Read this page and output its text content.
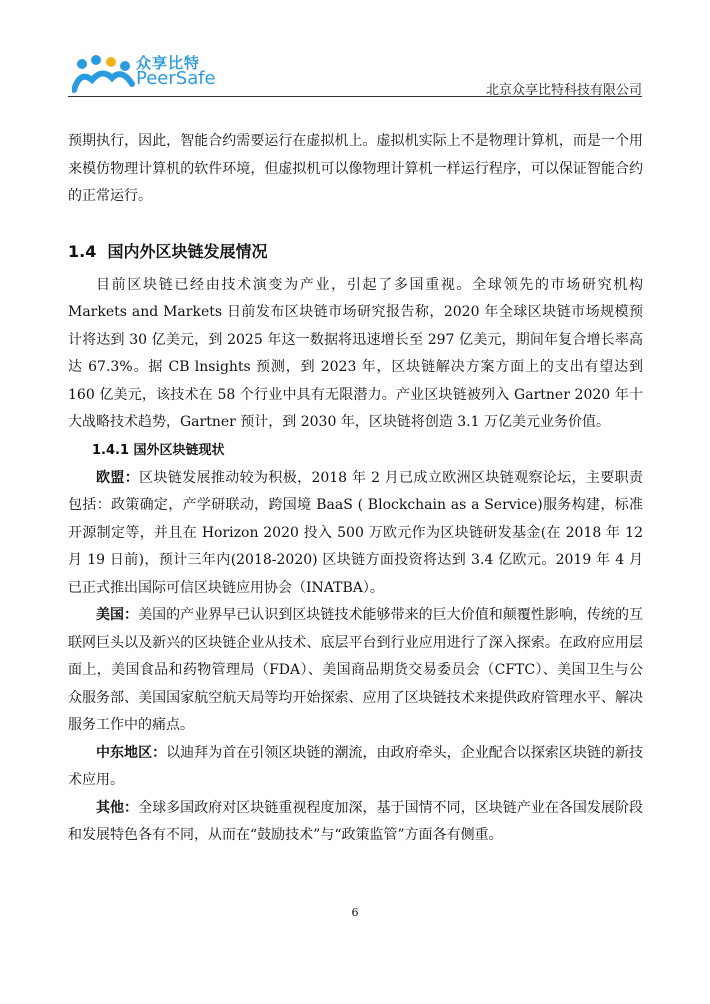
众享比特
PeerSafe
北京众享比特科技有限公司

预期执行，因此，智能合约需要运行在虚拟机上。虚拟机实际上不是物理计算机，而是一个用来模仿物理计算机的软件环境，但虚拟机可以像物理计算机一样运行程序，可以保证智能合约的正常运行。

1.4 国内外区块链发展情况

目前区块链已经由技术演变为产业，引起了多国重视。全球领先的市场研究机构 Markets and Markets 日前发布区块链市场研究报告称，2020 年全球区块链市场规模预计将达到 30 亿美元，到 2025 年这一数据将迅速增长至 297 亿美元，期间年复合增长率高达 67.3%。据 CB lnsights 预测，到 2023 年，区块链解决方案方面上的支出有望达到 160 亿美元，该技术在 58 个行业中具有无限潜力。产业区块链被列入 Gartner 2020 年十大战略技术趋势，Gartner 预计，到 2030 年，区块链将创造 3.1 万亿美元业务价值。

1.4.1 国外区块链现状

欧盟：区块链发展推动较为积极，2018 年 2 月已成立欧洲区块链观察论坛，主要职责包括：政策确定，产学研联动，跨国境 BaaS ( Blockchain as a Service)服务构建，标准开源制定等，并且在 Horizon 2020 投入 500 万欧元作为区块链研发基金(在 2018 年 12 月 19 日前)，预计三年内(2018-2020) 区块链方面投资将达到 3.4 亿欧元。2019 年 4 月已正式推出国际可信区块链应用协会（INATBA）。

美国：美国的产业界早已认识到区块链技术能够带来的巨大价值和颠覆性影响，传统的互联网巨头以及新兴的区块链企业从技术、底层平台到行业应用进行了深入探索。在政府应用层面上，美国食品和药物管理局（FDA）、美国商品期货交易委员会（CFTC）、美国卫生与公众服务部、美国国家航空航天局等均开始探索、应用了区块链技术来提供政府管理水平、解决服务工作中的痛点。

中东地区：以迪拜为首在引领区块链的潮流，由政府牵头，企业配合以探索区块链的新技术应用。

其他：全球多国政府对区块链重视程度加深，基于国情不同，区块链产业在各国发展阶段和发展特色各有不同，从而在“鼓励技术”与“政策监管”方面各有侧重。

6
